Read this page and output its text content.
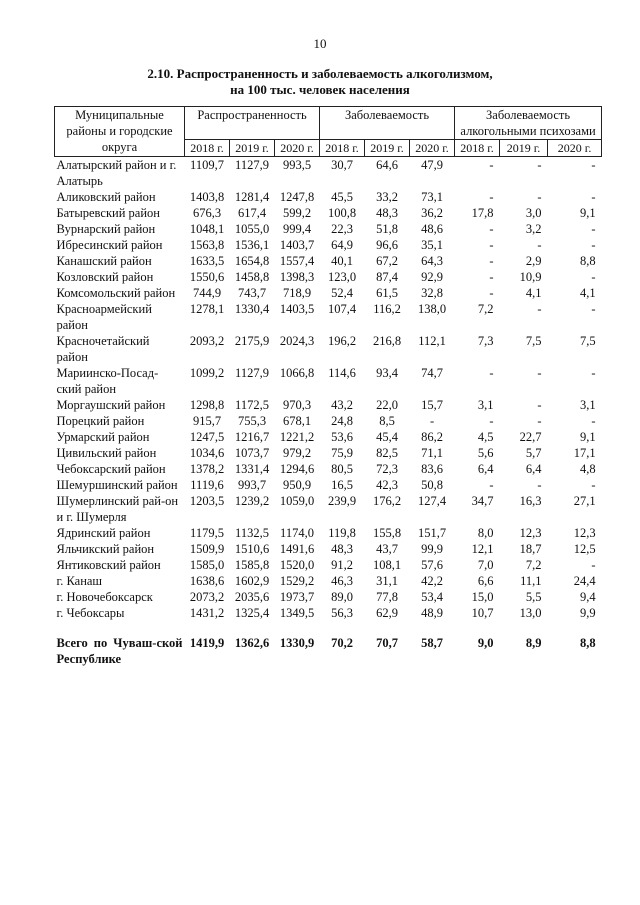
10
2.10. Распространенность и заболеваемость алкоголизмом,
на 100 тыс. человек населения
Муниципальные районы и городские округа	Распространенность			Заболеваемость			Заболеваемость алкогольными психозами		
	2018 г.	2019 г.	2020 г.	2018 г.	2019 г.	2020 г.	2018 г.	2019 г.	2020 г.
Алатырский район и г. Алатырь	1109,7	1127,9	993,5	30,7	64,6	47,9	-	-	-
Аликовский район	1403,8	1281,4	1247,8	45,5	33,2	73,1	-	-	-
Батыревский район	676,3	617,4	599,2	100,8	48,3	36,2	17,8	3,0	9,1
Вурнарский район	1048,1	1055,0	999,4	22,3	51,8	48,6	-	3,2	-
Ибресинский район	1563,8	1536,1	1403,7	64,9	96,6	35,1	-	-	-
Канашский район	1633,5	1654,8	1557,4	40,1	67,2	64,3	-	2,9	8,8
Козловский район	1550,6	1458,8	1398,3	123,0	87,4	92,9	-	10,9	-
Комсомольский район	744,9	743,7	718,9	52,4	61,5	32,8	-	4,1	4,1
Красноармейский район	1278,1	1330,4	1403,5	107,4	116,2	138,0	7,2	-	-
Красночетайский район	2093,2	2175,9	2024,3	196,2	216,8	112,1	7,3	7,5	7,5
Мариинско-Посад-ский район	1099,2	1127,9	1066,8	114,6	93,4	74,7	-	-	-
Моргаушский район	1298,8	1172,5	970,3	43,2	22,0	15,7	3,1	-	3,1
Порецкий район	915,7	755,3	678,1	24,8	8,5	-	-	-	-
Урмарский район	1247,5	1216,7	1221,2	53,6	45,4	86,2	4,5	22,7	9,1
Цивильский район	1034,6	1073,7	979,2	75,9	82,5	71,1	5,6	5,7	17,1
Чебоксарский район	1378,2	1331,4	1294,6	80,5	72,3	83,6	6,4	6,4	4,8
Шемуршинский район	1119,6	993,7	950,9	16,5	42,3	50,8	-	-	-
Шумерлинский рай-он и г. Шумерля	1203,5	1239,2	1059,0	239,9	176,2	127,4	34,7	16,3	27,1
Ядринский район	1179,5	1132,5	1174,0	119,8	155,8	151,7	8,0	12,3	12,3
Яльчикский район	1509,9	1510,6	1491,6	48,3	43,7	99,9	12,1	18,7	12,5
Янтиковский район	1585,0	1585,8	1520,0	91,2	108,1	57,6	7,0	7,2	-
г. Канаш	1638,6	1602,9	1529,2	46,3	31,1	42,2	6,6	11,1	24,4
г. Новочебоксарск	2073,2	2035,6	1973,7	89,0	77,8	53,4	15,0	5,5	9,4
г. Чебоксары	1431,2	1325,4	1349,5	56,3	62,9	48,9	10,7	13,0	9,9

Всего по Чуваш-ской Республике	1419,9	1362,6	1330,9	70,2	70,7	58,7	9,0	8,9	8,8
